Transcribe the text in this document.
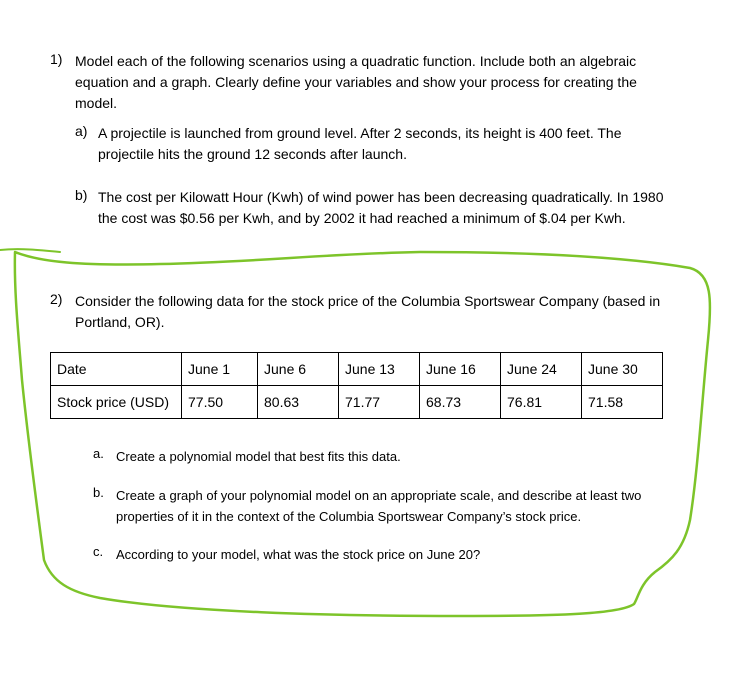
1) Model each of the following scenarios using a quadratic function. Include both an algebraic equation and a graph. Clearly define your variables and show your process for creating the model.
a) A projectile is launched from ground level. After 2 seconds, its height is 400 feet. The projectile hits the ground 12 seconds after launch.
b) The cost per Kilowatt Hour (Kwh) of wind power has been decreasing quadratically. In 1980 the cost was $0.56 per Kwh, and by 2002 it had reached a minimum of $.04 per Kwh.
2) Consider the following data for the stock price of the Columbia Sportswear Company (based in Portland, OR).
Date	June 1	June 6	June 13	June 16	June 24	June 30
Stock price (USD)	77.50	80.63	71.77	68.73	76.81	71.58
a. Create a polynomial model that best fits this data.
b. Create a graph of your polynomial model on an appropriate scale, and describe at least two properties of it in the context of the Columbia Sportswear Company’s stock price.
c. According to your model, what was the stock price on June 20?
